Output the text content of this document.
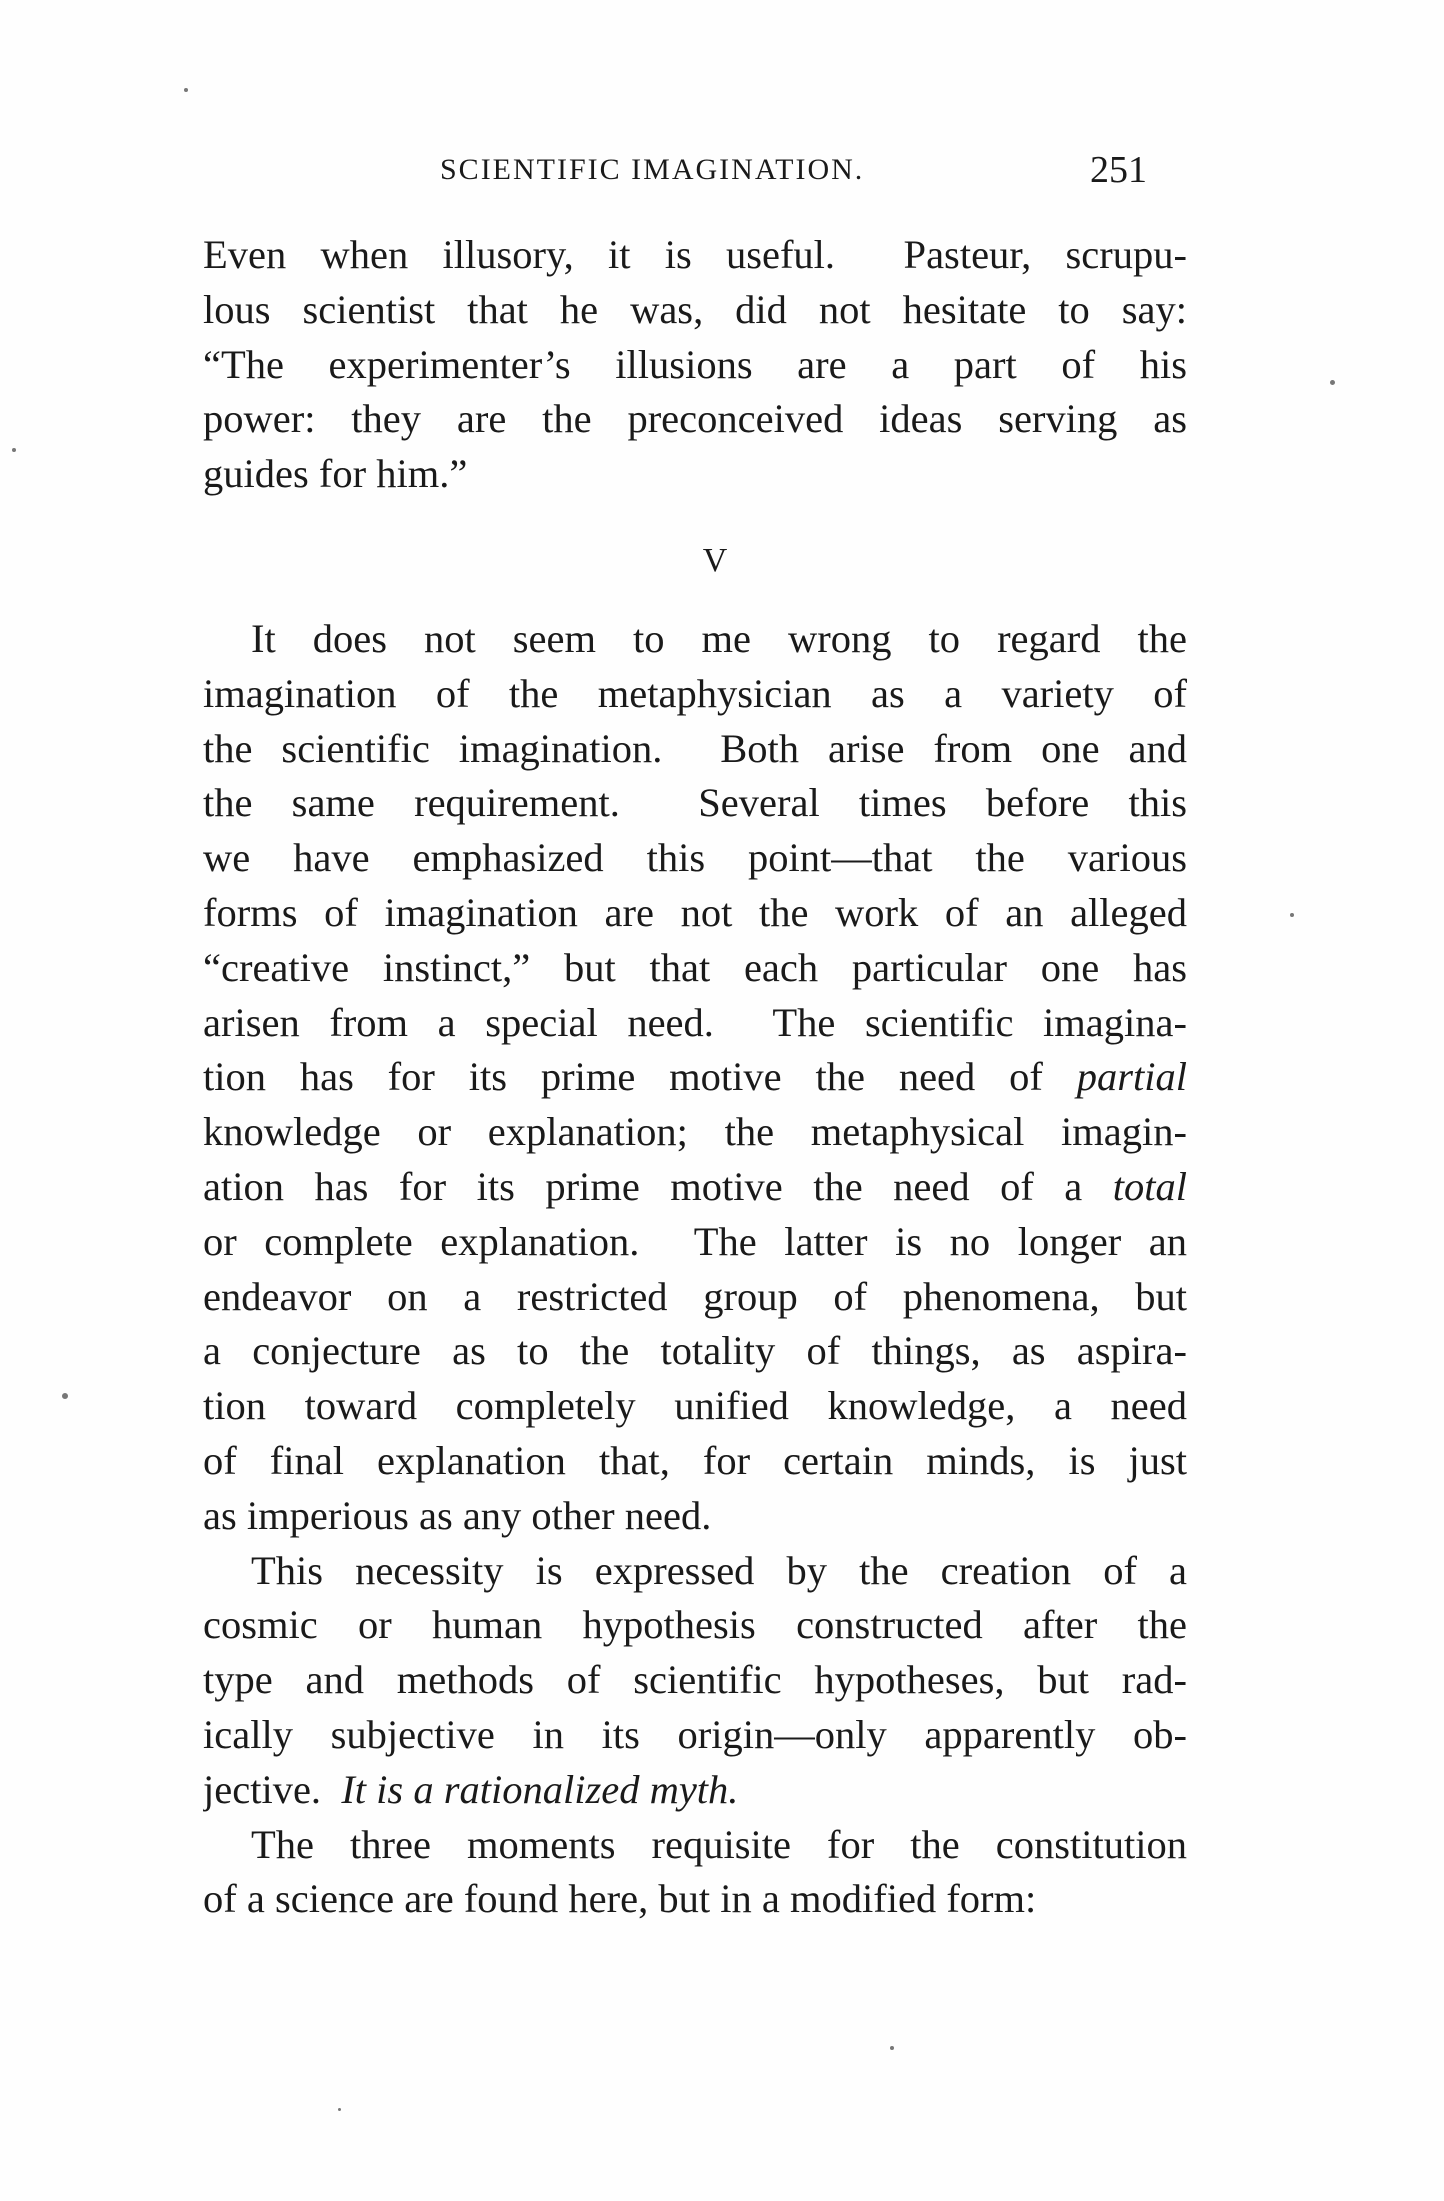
SCIENTIFIC IMAGINATION.	251
Even when illusory, it is useful.  Pasteur, scrupu-
lous scientist that he was, did not hesitate to say:
“The experimenter’s illusions are a part of his
power: they are the preconceived ideas serving as
guides for him.”
V
It does not seem to me wrong to regard the
imagination of the metaphysician as a variety of
the scientific imagination.  Both arise from one and
the same requirement.  Several times before this
we have emphasized this point—that the various
forms of imagination are not the work of an alleged
“creative instinct,” but that each particular one has
arisen from a special need.  The scientific imagina-
tion has for its prime motive the need of partial
knowledge or explanation; the metaphysical imagin-
ation has for its prime motive the need of a total
or complete explanation.  The latter is no longer an
endeavor on a restricted group of phenomena, but
a conjecture as to the totality of things, as aspira-
tion toward completely unified knowledge, a need
of final explanation that, for certain minds, is just
as imperious as any other need.
This necessity is expressed by the creation of a
cosmic or human hypothesis constructed after the
type and methods of scientific hypotheses, but rad-
ically subjective in its origin—only apparently ob-
jective.  It is a rationalized myth.
The three moments requisite for the constitution
of a science are found here, but in a modified form:
